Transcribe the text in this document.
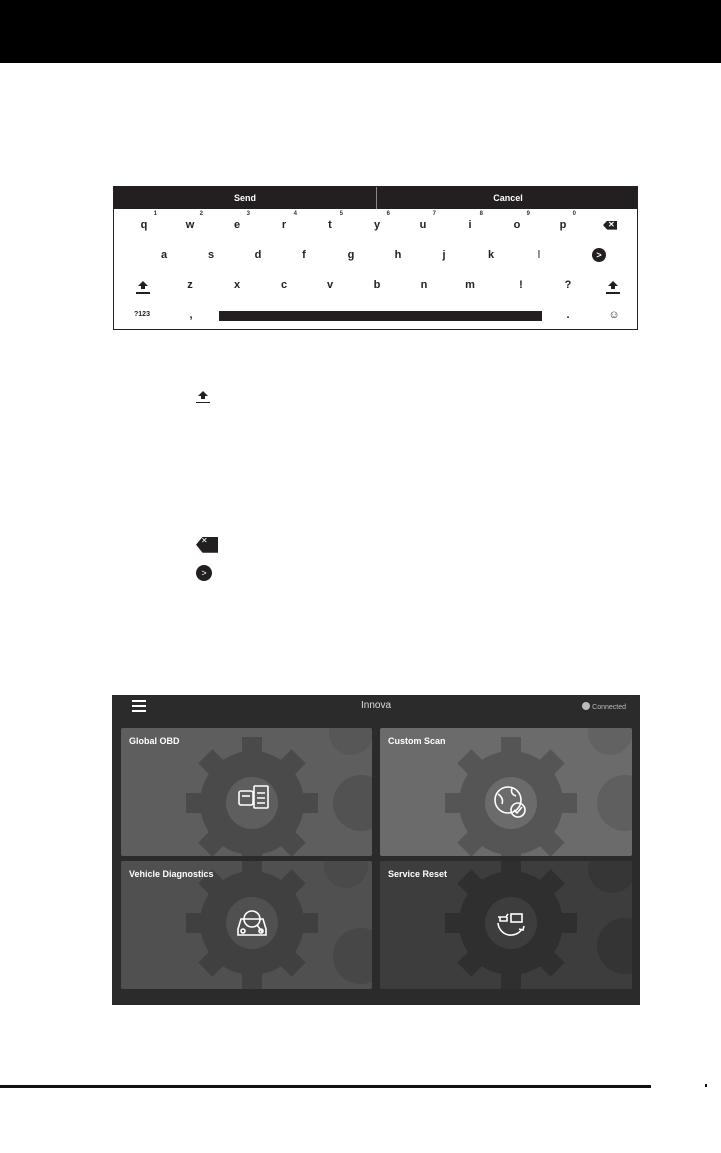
Send	Cancel
q
1
w
2
e
3
r
4
t
5
y
6
u
7
i
8
o
9
p
0
✕
a	s	d	f	g	h	j	k	l	>
z	x	c	v	b	n	m	!	?
?123	,	.	☺
✕
>
Innova	Connected
Global OBD	Custom Scan
Vehicle Diagnostics	Service Reset
